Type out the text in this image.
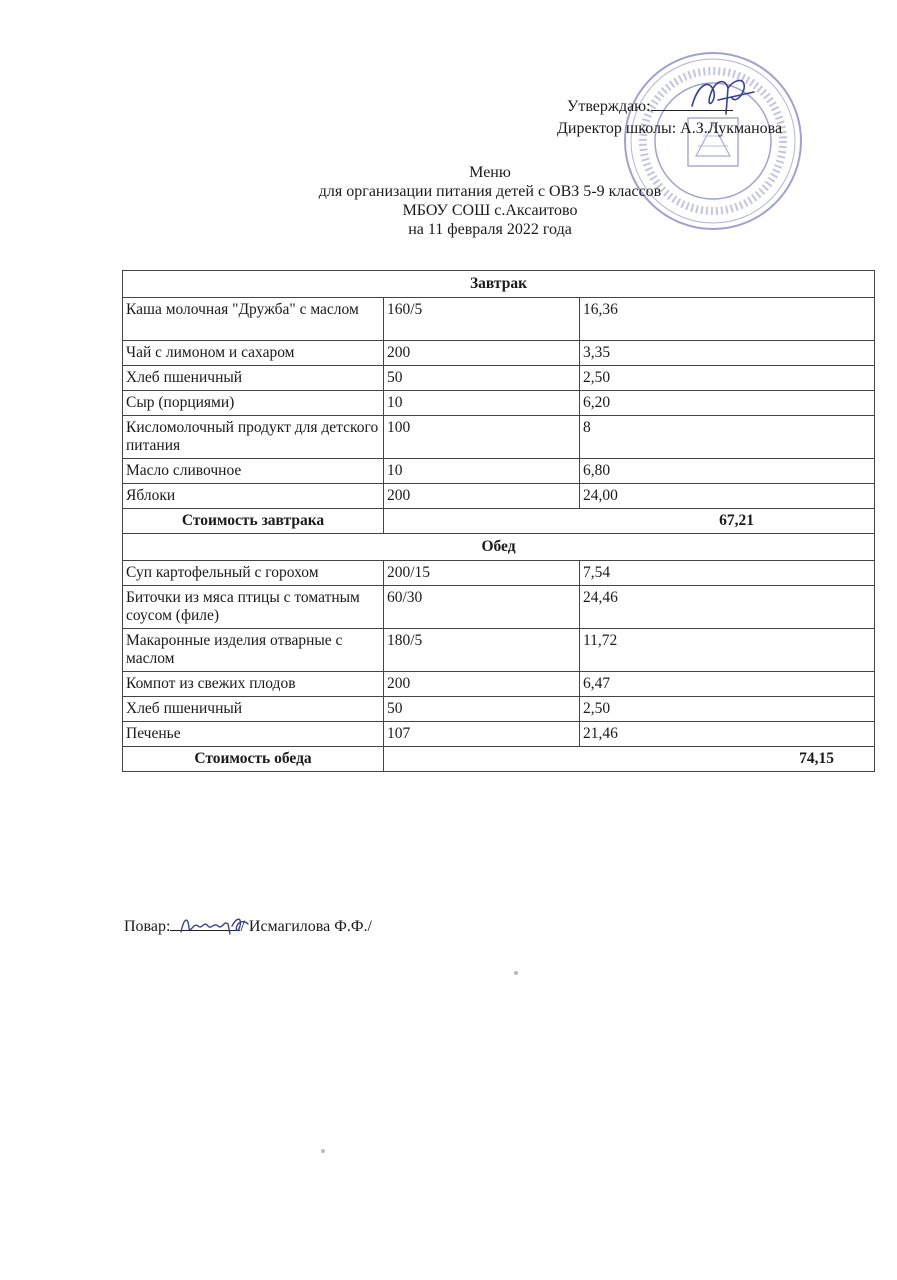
Утверждаю:
Директор школы: А.З.Лукманова
Меню
для организации питания детей с ОВЗ 5-9 классов
МБОУ СОШ с.Аксаитово
на 11 февраля 2022 года
Завтрак		
Каша молочная "Дружба" с маслом	160/5	16,36
Чай с лимоном и сахаром	200	3,35
Хлеб пшеничный	50	2,50
Сыр (порциями)	10	6,20
Кисломолочный продукт для детского питания	100	8
Масло сливочное	10	6,80
Яблоки	200	24,00
Стоимость завтрака	67,21	
Обед		
Суп картофельный с горохом	200/15	7,54
Биточки из мяса птицы с томатным соусом (филе)	60/30	24,46
Макаронные изделия отварные с маслом	180/5	11,72
Компот из свежих плодов	200	6,47
Хлеб пшеничный	50	2,50
Печенье	107	21,46
Стоимость обеда	74,15	
Повар:	/ Исмагилова Ф.Ф./
